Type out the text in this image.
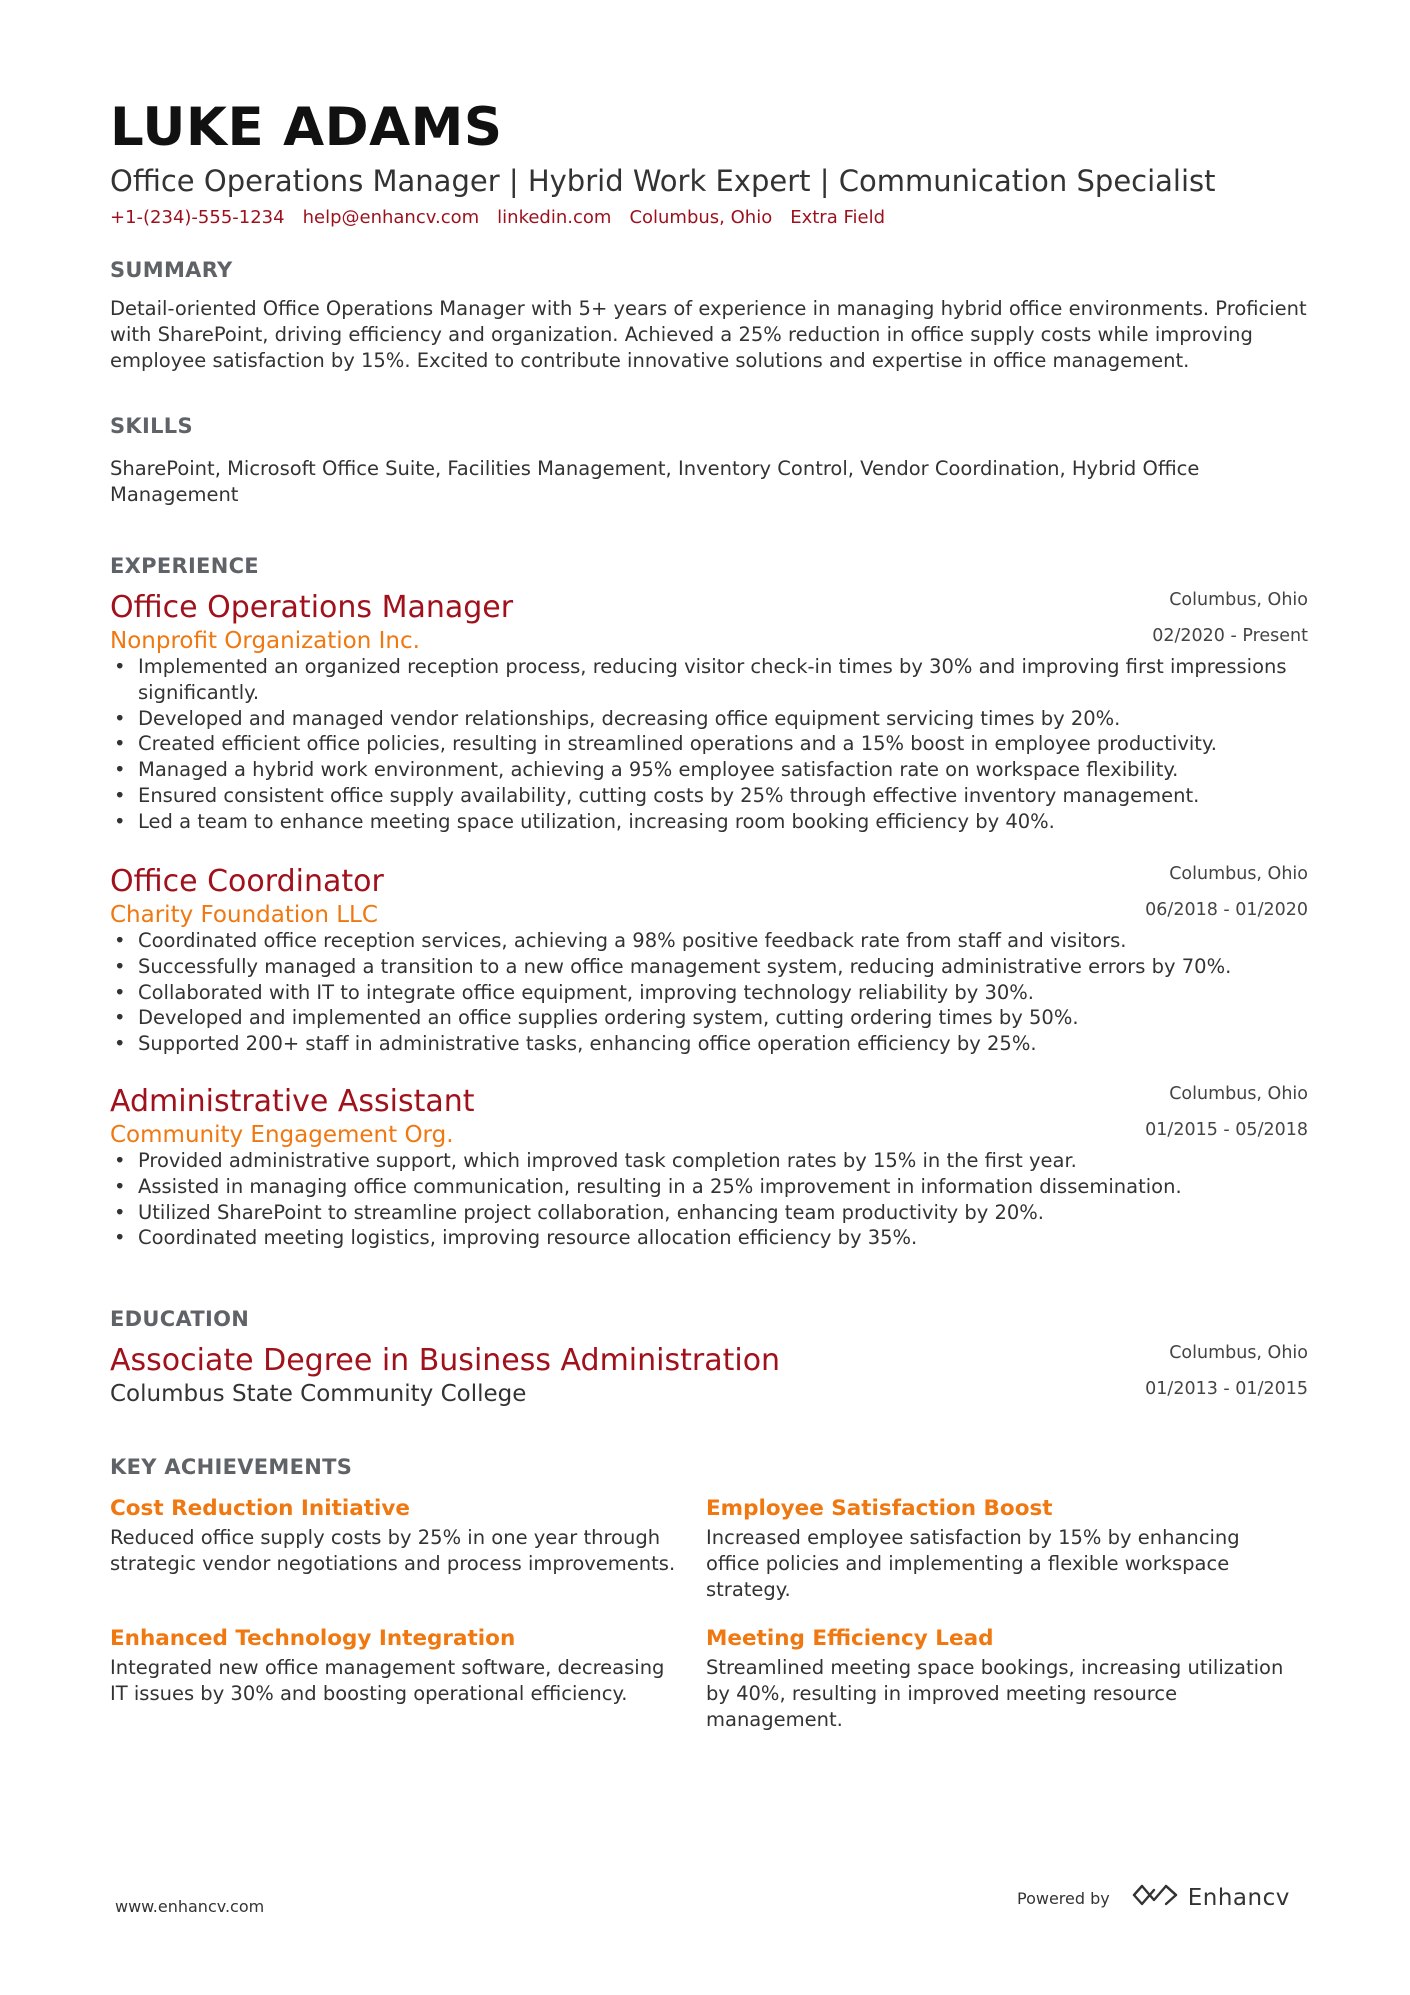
LUKE ADAMS

Office Operations Manager | Hybrid Work Expert | Communication Specialist

+1-(234)-555-1234 help@enhancv.com linkedin.com Columbus, Ohio Extra Field
SUMMARY

Detail-oriented Office Operations Manager with 5+ years of experience in managing hybrid office environments. Proficient with SharePoint, driving efficiency and organization. Achieved a 25% reduction in office supply costs while improving employee satisfaction by 15%. Excited to contribute innovative solutions and expertise in office management.

SKILLS

SharePoint, Microsoft Office Suite, Facilities Management, Inventory Control, Vendor Coordination, Hybrid Office Management

EXPERIENCE
Office Operations Manager
Nonprofit Organization Inc.
Columbus, Ohio
02/2020 - Present
• Implemented an organized reception process, reducing visitor check-in times by 30% and improving first impressions significantly.
• Developed and managed vendor relationships, decreasing office equipment servicing times by 20%.
• Created efficient office policies, resulting in streamlined operations and a 15% boost in employee productivity.
• Managed a hybrid work environment, achieving a 95% employee satisfaction rate on workspace flexibility.
• Ensured consistent office supply availability, cutting costs by 25% through effective inventory management.
• Led a team to enhance meeting space utilization, increasing room booking efficiency by 40%.
Office Coordinator
Charity Foundation LLC
Columbus, Ohio
06/2018 - 01/2020
• Coordinated office reception services, achieving a 98% positive feedback rate from staff and visitors.
• Successfully managed a transition to a new office management system, reducing administrative errors by 70%.
• Collaborated with IT to integrate office equipment, improving technology reliability by 30%.
• Developed and implemented an office supplies ordering system, cutting ordering times by 50%.
• Supported 200+ staff in administrative tasks, enhancing office operation efficiency by 25%.
Administrative Assistant
Community Engagement Org.
Columbus, Ohio
01/2015 - 05/2018
• Provided administrative support, which improved task completion rates by 15% in the first year.
• Assisted in managing office communication, resulting in a 25% improvement in information dissemination.
• Utilized SharePoint to streamline project collaboration, enhancing team productivity by 20%.
• Coordinated meeting logistics, improving resource allocation efficiency by 35%.
EDUCATION
Associate Degree in Business Administration
Columbus State Community College
Columbus, Ohio
01/2013 - 01/2015
KEY ACHIEVEMENTS
Cost Reduction Initiative
Reduced office supply costs by 25% in one year through strategic vendor negotiations and process improvements.
Employee Satisfaction Boost
Increased employee satisfaction by 15% by enhancing office policies and implementing a flexible workspace strategy.
Enhanced Technology Integration
Integrated new office management software, decreasing IT issues by 30% and boosting operational efficiency.
Meeting Efficiency Lead
Streamlined meeting space bookings, increasing utilization by 40%, resulting in improved meeting resource management.
www.enhancv.com	Powered by	Enhancv
